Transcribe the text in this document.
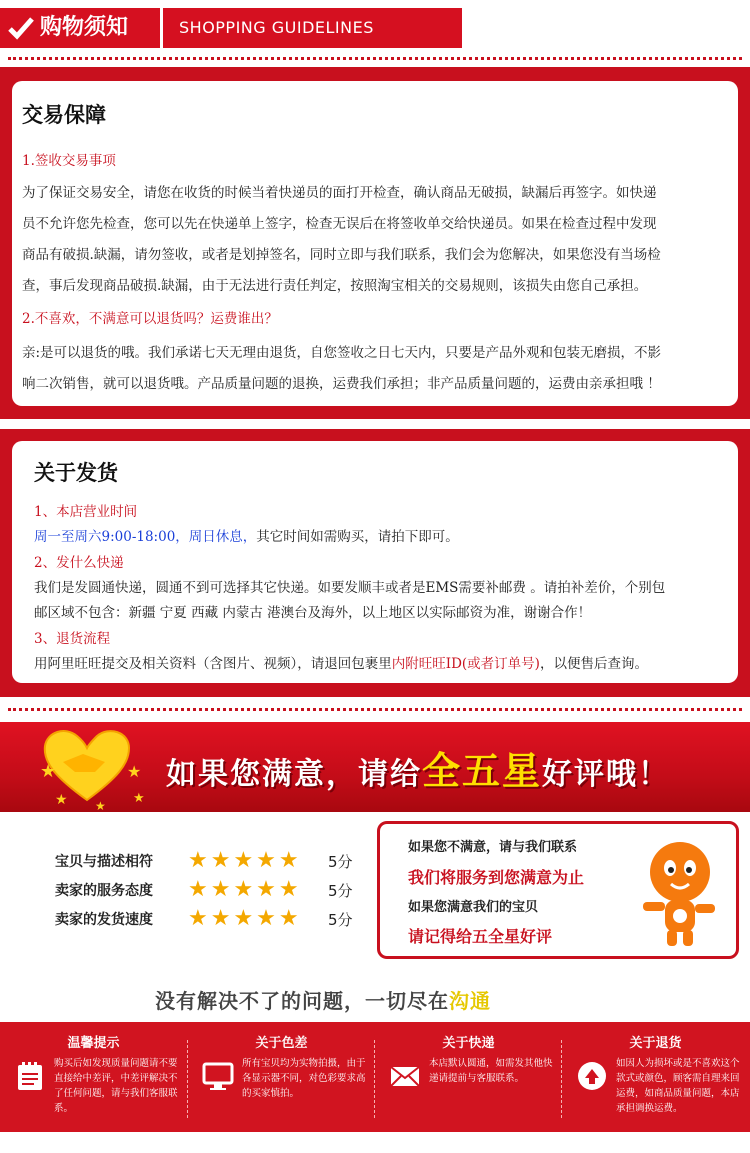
购物须知	SHOPPING GUIDELINES
交易保障
1.签收交易事项
为了保证交易安全，请您在收货的时候当着快递员的面打开检查，确认商品无破损，缺漏后再签字。如快递
员不允许您先检查，您可以先在快递单上签字，检查无误后在将签收单交给快递员。如果在检查过程中发现
商品有破损.缺漏，请勿签收，或者是划掉签名，同时立即与我们联系，我们会为您解决，如果您没有当场检
查，事后发现商品破损.缺漏，由于无法进行责任判定，按照淘宝相关的交易规则，该损失由您自己承担。
2.不喜欢，不满意可以退货吗？运费谁出？
亲:是可以退货的哦。我们承诺七天无理由退货，自您签收之日七天内，只要是产品外观和包装无磨损，不影
响二次销售，就可以退货哦。产品质量问题的退换，运费我们承担；非产品质量问题的，运费由亲承担哦 ！
关于发货
1、本店营业时间
周一至周六9:00-18:00，周日休息，其它时间如需购买，请拍下即可。
2、发什么快递
我们是发圆通快递，圆通不到可选择其它快递。如要发顺丰或者是EMS需要补邮费 。请拍补差价，个别包
邮区域不包含：新疆 宁夏 西藏 内蒙古 港澳台及海外，以上地区以实际邮资为准，谢谢合作！
3、退货流程
用阿里旺旺提交及相关资料（含图片、视频），请退回包裹里内附旺旺ID(或者订单号)，以便售后查询。
★	★
★ ★ ★
如果您满意，请给全五星好评哦！
宝贝与描述相符 ★★★★★ 5分
卖家的服务态度 ★★★★★ 5分
卖家的发货速度 ★★★★★ 5分
如果您不满意，请与我们联系
我们将服务到您满意为止
如果您满意我们的宝贝
请记得给五全星好评
没有解决不了的问题，一切尽在沟通
温馨提示
购买后如发现质量问题请不要直接给中差评，中差评解决不了任何问题，请与我们客服联系。
关于色差
所有宝贝均为实物拍摄，由于各显示器不同，对色彩要求高的买家慎拍。
关于快递
本店默认圆通，如需发其他快递请提前与客服联系。
关于退货
如因人为损坏或是不喜欢这个款式或颜色，顾客需自理来回运费，如商品质量问题，本店承担调换运费。
